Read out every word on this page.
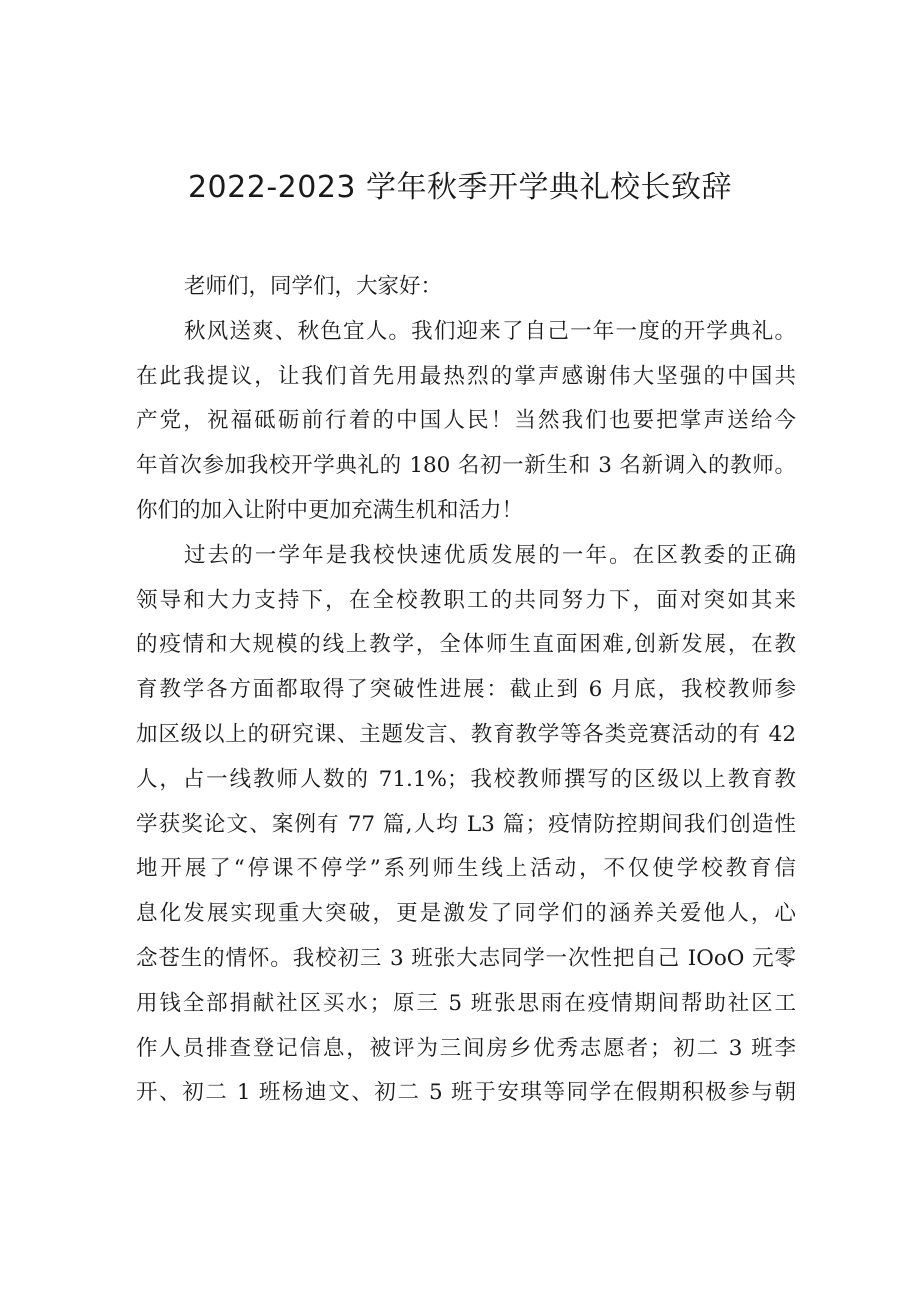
2022-2023 学年秋季开学典礼校长致辞
老师们，同学们，大家好：
秋风送爽、秋色宜人。我们迎来了自己一年一度的开学典礼。
在此我提议，让我们首先用最热烈的掌声感谢伟大坚强的中国共
产党，祝福砥砺前行着的中国人民！当然我们也要把掌声送给今
年首次参加我校开学典礼的 180 名初一新生和 3 名新调入的教师。
你们的加入让附中更加充满生机和活力！
过去的一学年是我校快速优质发展的一年。在区教委的正确
领导和大力支持下，在全校教职工的共同努力下，面对突如其来
的疫情和大规模的线上教学，全体师生直面困难,创新发展，在教
育教学各方面都取得了突破性进展：截止到 6 月底，我校教师参
加区级以上的研究课、主题发言、教育教学等各类竞赛活动的有 42
人，占一线教师人数的 71.1%；我校教师撰写的区级以上教育教
学获奖论文、案例有 77 篇,人均 L3 篇；疫情防控期间我们创造性
地开展了“停课不停学”系列师生线上活动，不仅使学校教育信
息化发展实现重大突破，更是激发了同学们的涵养关爱他人，心
念苍生的情怀。我校初三 3 班张大志同学一次性把自己 IOoO 元零
用钱全部捐献社区买水；原三 5 班张思雨在疫情期间帮助社区工
作人员排查登记信息，被评为三间房乡优秀志愿者；初二 3 班李
开、初二 1 班杨迪文、初二 5 班于安琪等同学在假期积极参与朝
